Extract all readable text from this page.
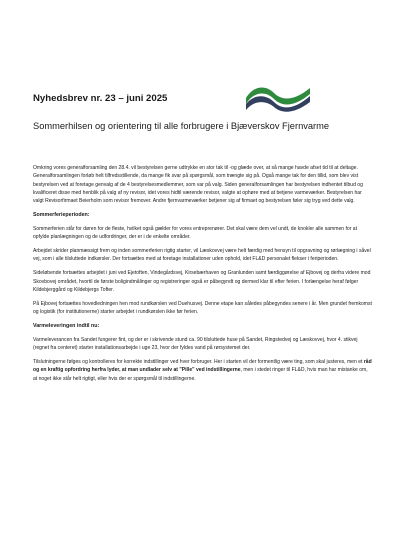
Nyhedsbrev nr. 23 – juni 2025
Sommerhilsen og orientering til alle forbrugere i Bjæverskov Fjernvarme

Omkring vores generalforsamling den 28.4. vil bestyrelsen gerne udtrykke en stor tak til -og glæde over, at så mange havde afset tid til at deltage. Generalforsamlingen forløb helt tilfredsstillende, da mange fik svar på spørgsmål, som trængte sig på. Også mange tak for den tillid, som blev vist bestyrelsen ved at foretage genvalg af de 4 bestyrelsesmedlemmer, som var på valg. Siden generalforsamlingen har bestyrelsen indhentet tilbud og kvalificeret disse med henblik på valg af ny revisor, idet vores hidtil værende revisor, valgte at ophøre med at betjene varmeværker. Bestyrelsen har valgt Revisorfirmaet Beierholm som revisor fremover. Andre fjernvarmeværker betjener sig af firmaet og bestyrelsen føler sig tryg ved dette valg.

Sommerferieperioden:

Sommerferien står for døren for de fleste, hvilket også gælder for vores entreprenører. Det skal være dem vel undt, de knokler alle sammen for at opfylde planlægningen og de udfordringer, der er i de enkelte områder.

Arbejdet skrider planmæssigt frem og inden sommerferien rigtig starter, vil Læskovvej være helt færdig med hensyn til opgravning og rørlægning i såvel vej, som i alle tilsluttede indkørsler. Der fortsættes med at foretage installationer uden ophold, idet FL&D personalet flekser i feriperioden.

Sideløbende fortsættes arbejdet i juni ved Ejetoften, Vindegårdsvej, Kirsebærhaven og Granlunden samt færdiggørelse af Ejbovej og derfra videre mod Skovbovej området, hvortil de første boligindmålinger og registreringer også er påbegyndt og dermed klar til efter ferien. I forlængelse heraf følger Kildebjerggård og Kildebjergs Tofter.

På Ejbovej fortsættes hovedledningen hen mod rundkørslen ved Duehusvej. Denne etape kan således påbegyndes senere i år. Men grundet fremkomst og logistik (for institutionerne) starter arbejdet i rundkørslen ikke før ferien.

Varmeleveringen indtil nu:

Varmeleverancen fra Sandet fungerer fint, og der er i skrivende stund ca. 90 tilsluttede huse på Sandet, Ringstedvej og Læskovvej, hvor 4. stikvej (regnet fra centeret) starter installationsarbejde i uge 23, hvor der fyldes vand på rørsystemet der.

Tilslutningerne følges og kontrolleres for korrekte indstillinger ved hver forbruger. Her i starten vil der formentlig være ting, som skal justeres, men et råd og en kraftig opfordring herfra lyder, at man undlader selv at "Pille" ved indstillingerne, men i stedet ringer til FL&D, hvis man har mistanke om, at noget ikke står helt rigtigt, eller hvis der er spørgsmål til indstillingerne.
